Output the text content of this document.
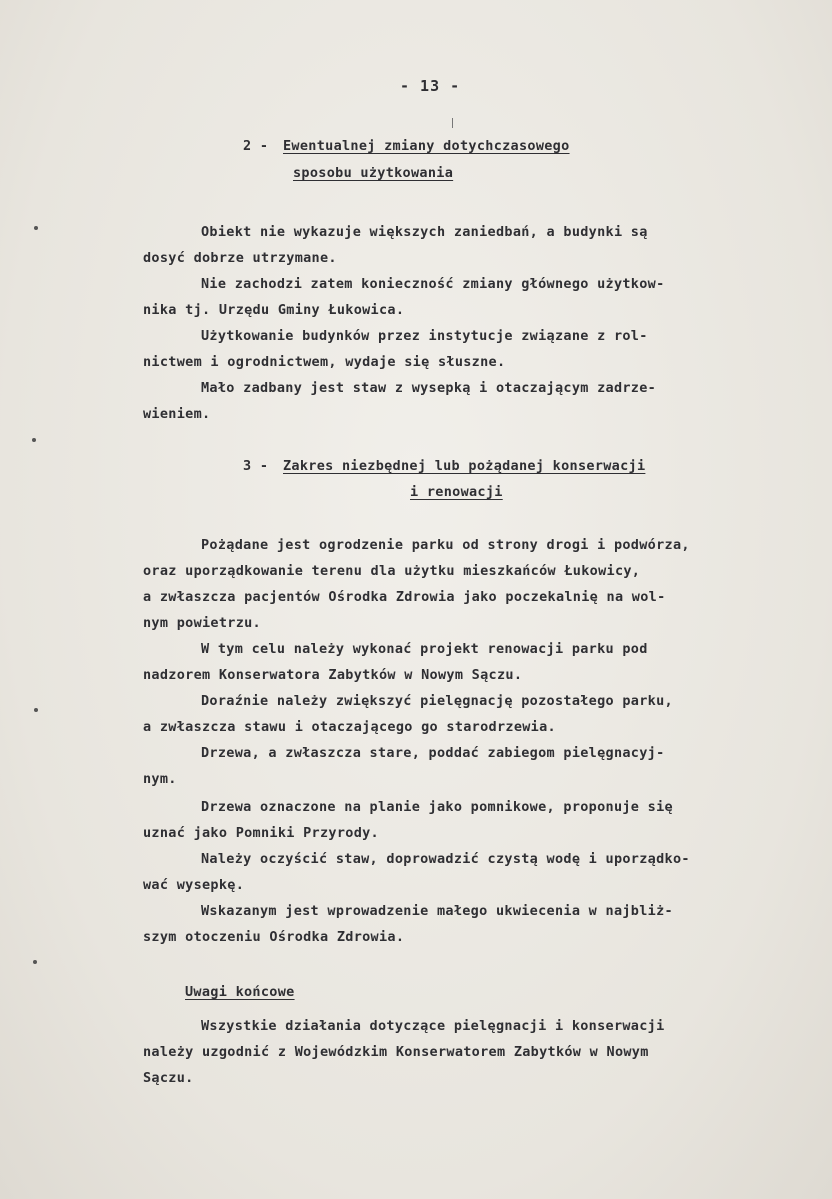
- 13 -
2 - Ewentualnej zmiany dotychczasowego
sposobu użytkowania
Obiekt nie wykazuje większych zaniedbań, a budynki są
dosyć dobrze utrzymane.
Nie zachodzi zatem konieczność zmiany głównego użytkow-
nika tj. Urzędu Gminy Łukowica.
Użytkowanie budynków przez instytucje związane z rol-
nictwem i ogrodnictwem, wydaje się słuszne.
Mało zadbany jest staw z wysepką i otaczającym zadrze-
wieniem.
3 - Zakres niezbędnej lub pożądanej konserwacji
i renowacji
Pożądane jest ogrodzenie parku od strony drogi i podwórza,
oraz uporządkowanie terenu dla użytku mieszkańców Łukowicy,
a zwłaszcza pacjentów Ośrodka Zdrowia jako poczekalnię na wol-
nym powietrzu.
W tym celu należy wykonać projekt renowacji parku pod
nadzorem Konserwatora Zabytków w Nowym Sączu.
Doraźnie należy zwiększyć pielęgnację pozostałego parku,
a zwłaszcza stawu i otaczającego go starodrzewia.
Drzewa, a zwłaszcza stare, poddać zabiegom pielęgnacyj-
nym.
Drzewa oznaczone na planie jako pomnikowe, proponuje się
uznać jako Pomniki Przyrody.
Należy oczyścić staw, doprowadzić czystą wodę i uporządko-
wać wysepkę.
Wskazanym jest wprowadzenie małego ukwiecenia w najbliż-
szym otoczeniu Ośrodka Zdrowia.
Uwagi końcowe
Wszystkie działania dotyczące pielęgnacji i konserwacji
należy uzgodnić z Wojewódzkim Konserwatorem Zabytków w Nowym
Sączu.
